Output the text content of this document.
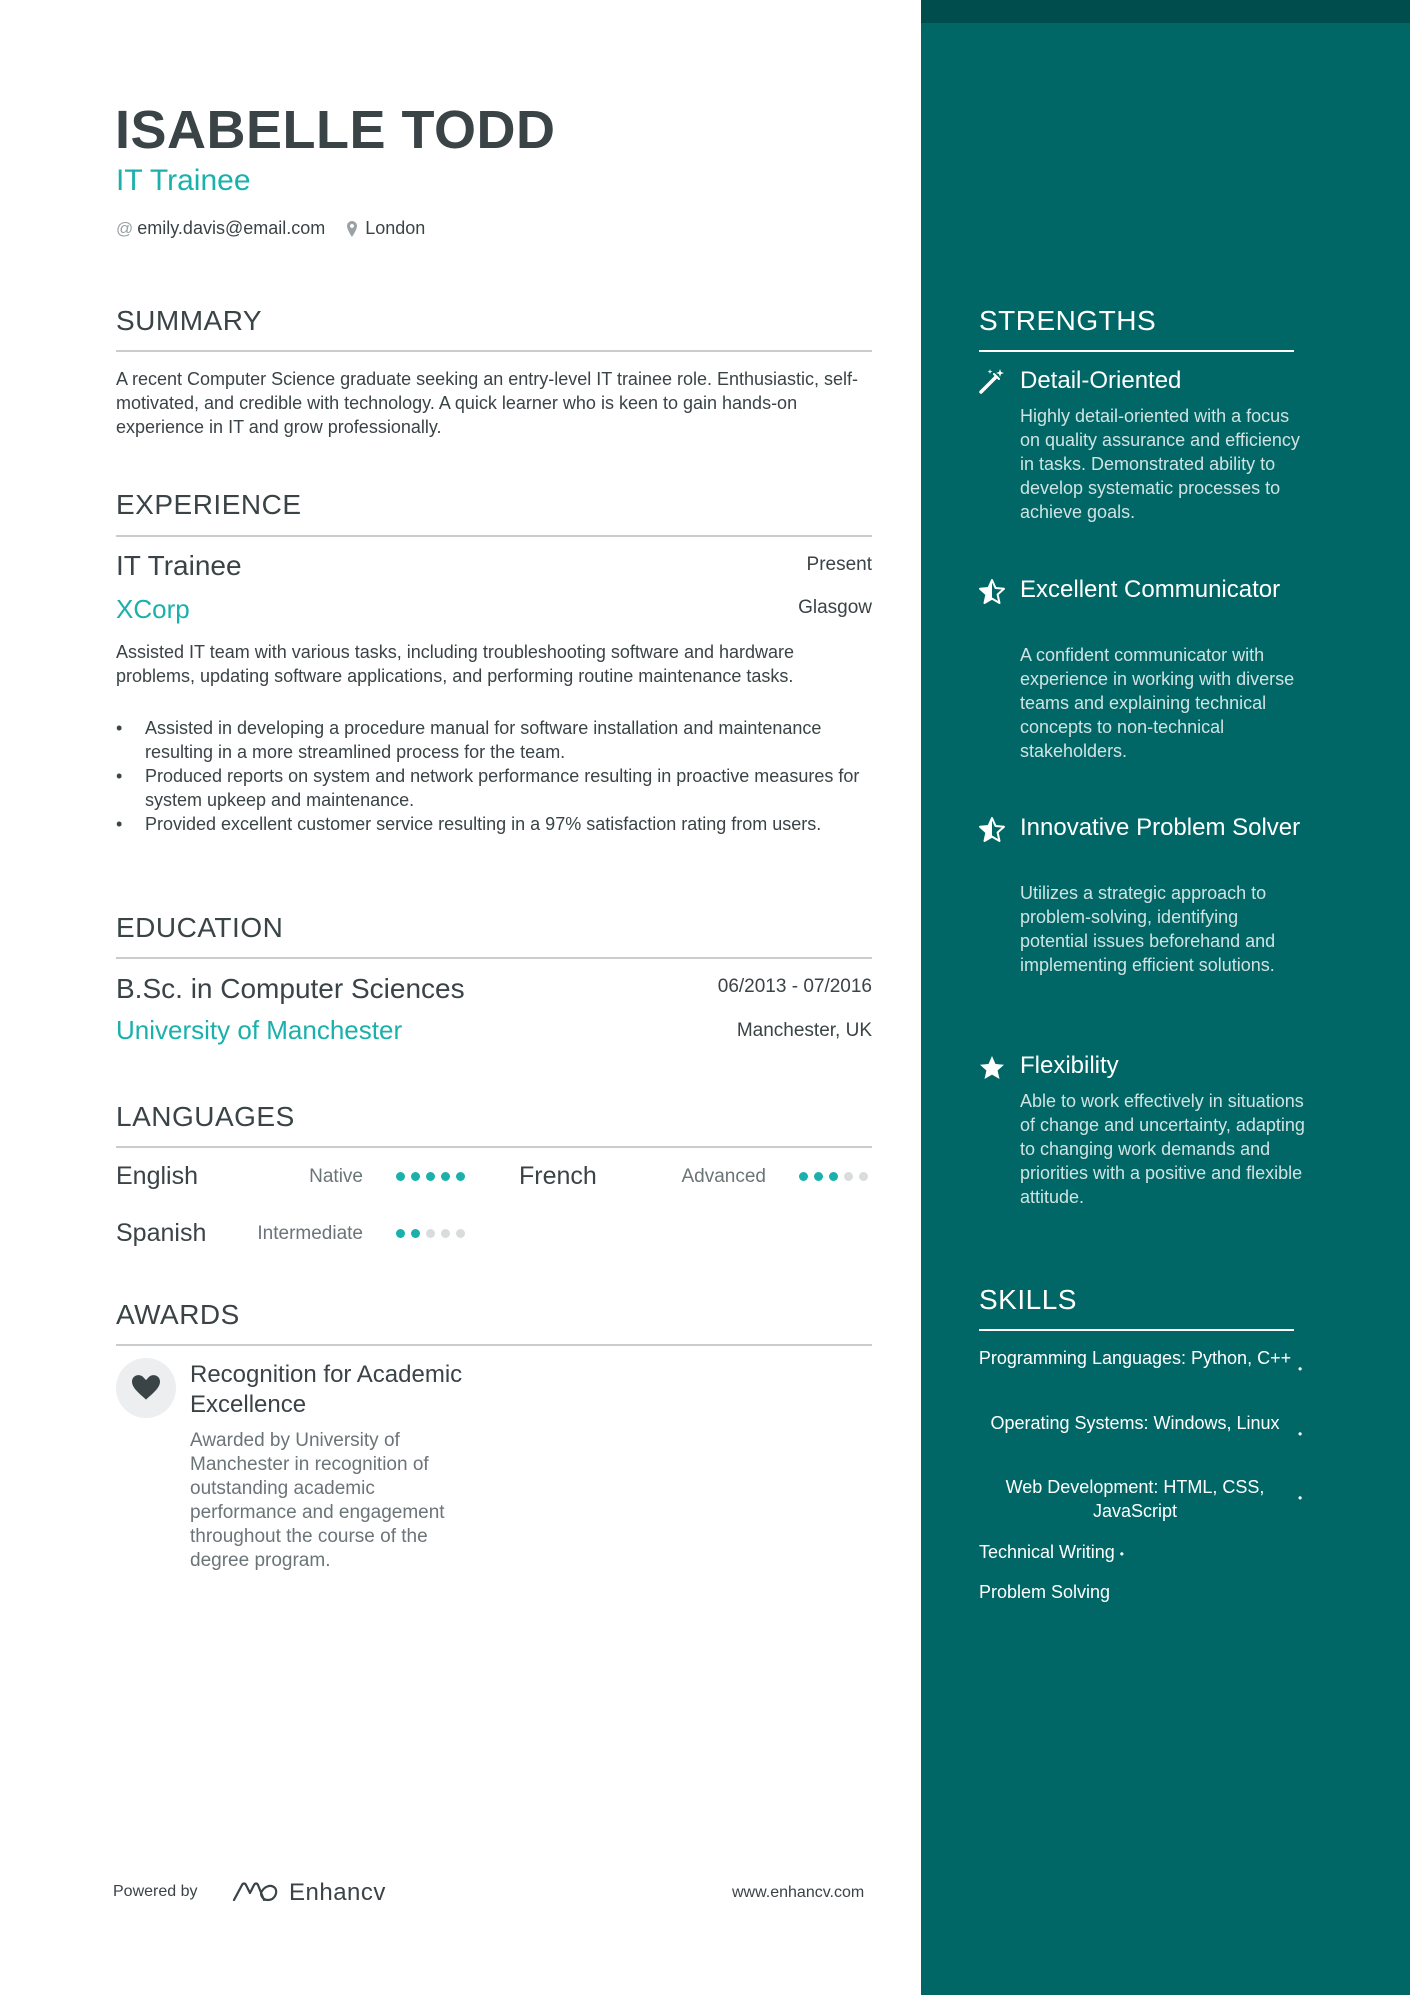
ISABELLE TODD
IT Trainee
@ emily.davis@email.com London
SUMMARY
A recent Computer Science graduate seeking an entry-level IT trainee role. Enthusiastic, self-motivated, and credible with technology. A quick learner who is keen to gain hands-on experience in IT and grow professionally.
EXPERIENCE
IT Trainee	Present
XCorp	Glasgow
Assisted IT team with various tasks, including troubleshooting software and hardware problems, updating software applications, and performing routine maintenance tasks.
• Assisted in developing a procedure manual for software installation and maintenance resulting in a more streamlined process for the team.
• Produced reports on system and network performance resulting in proactive measures for system upkeep and maintenance.
• Provided excellent customer service resulting in a 97% satisfaction rating from users.
EDUCATION
B.Sc. in Computer Sciences	06/2013 - 07/2016
University of Manchester	Manchester, UK
LANGUAGES
English	Native	French	Advanced
Spanish	Intermediate
AWARDS
Recognition for Academic Excellence
Awarded by University of Manchester in recognition of outstanding academic performance and engagement throughout the course of the degree program.
Powered by	Enhancv	www.enhancv.com
STRENGTHS
Detail-Oriented
Highly detail-oriented with a focus on quality assurance and efficiency in tasks. Demonstrated ability to develop systematic processes to achieve goals.
Excellent Communicator
A confident communicator with experience in working with diverse teams and explaining technical concepts to non-technical stakeholders.
Innovative Problem Solver
Utilizes a strategic approach to problem-solving, identifying potential issues beforehand and implementing efficient solutions.
Flexibility
Able to work effectively in situations of change and uncertainty, adapting to changing work demands and priorities with a positive and flexible attitude.
SKILLS
Programming Languages: Python, C++
•
Operating Systems: Windows, Linux
•
Web Development: HTML, CSS, JavaScript
•
Technical Writing •
Problem Solving
